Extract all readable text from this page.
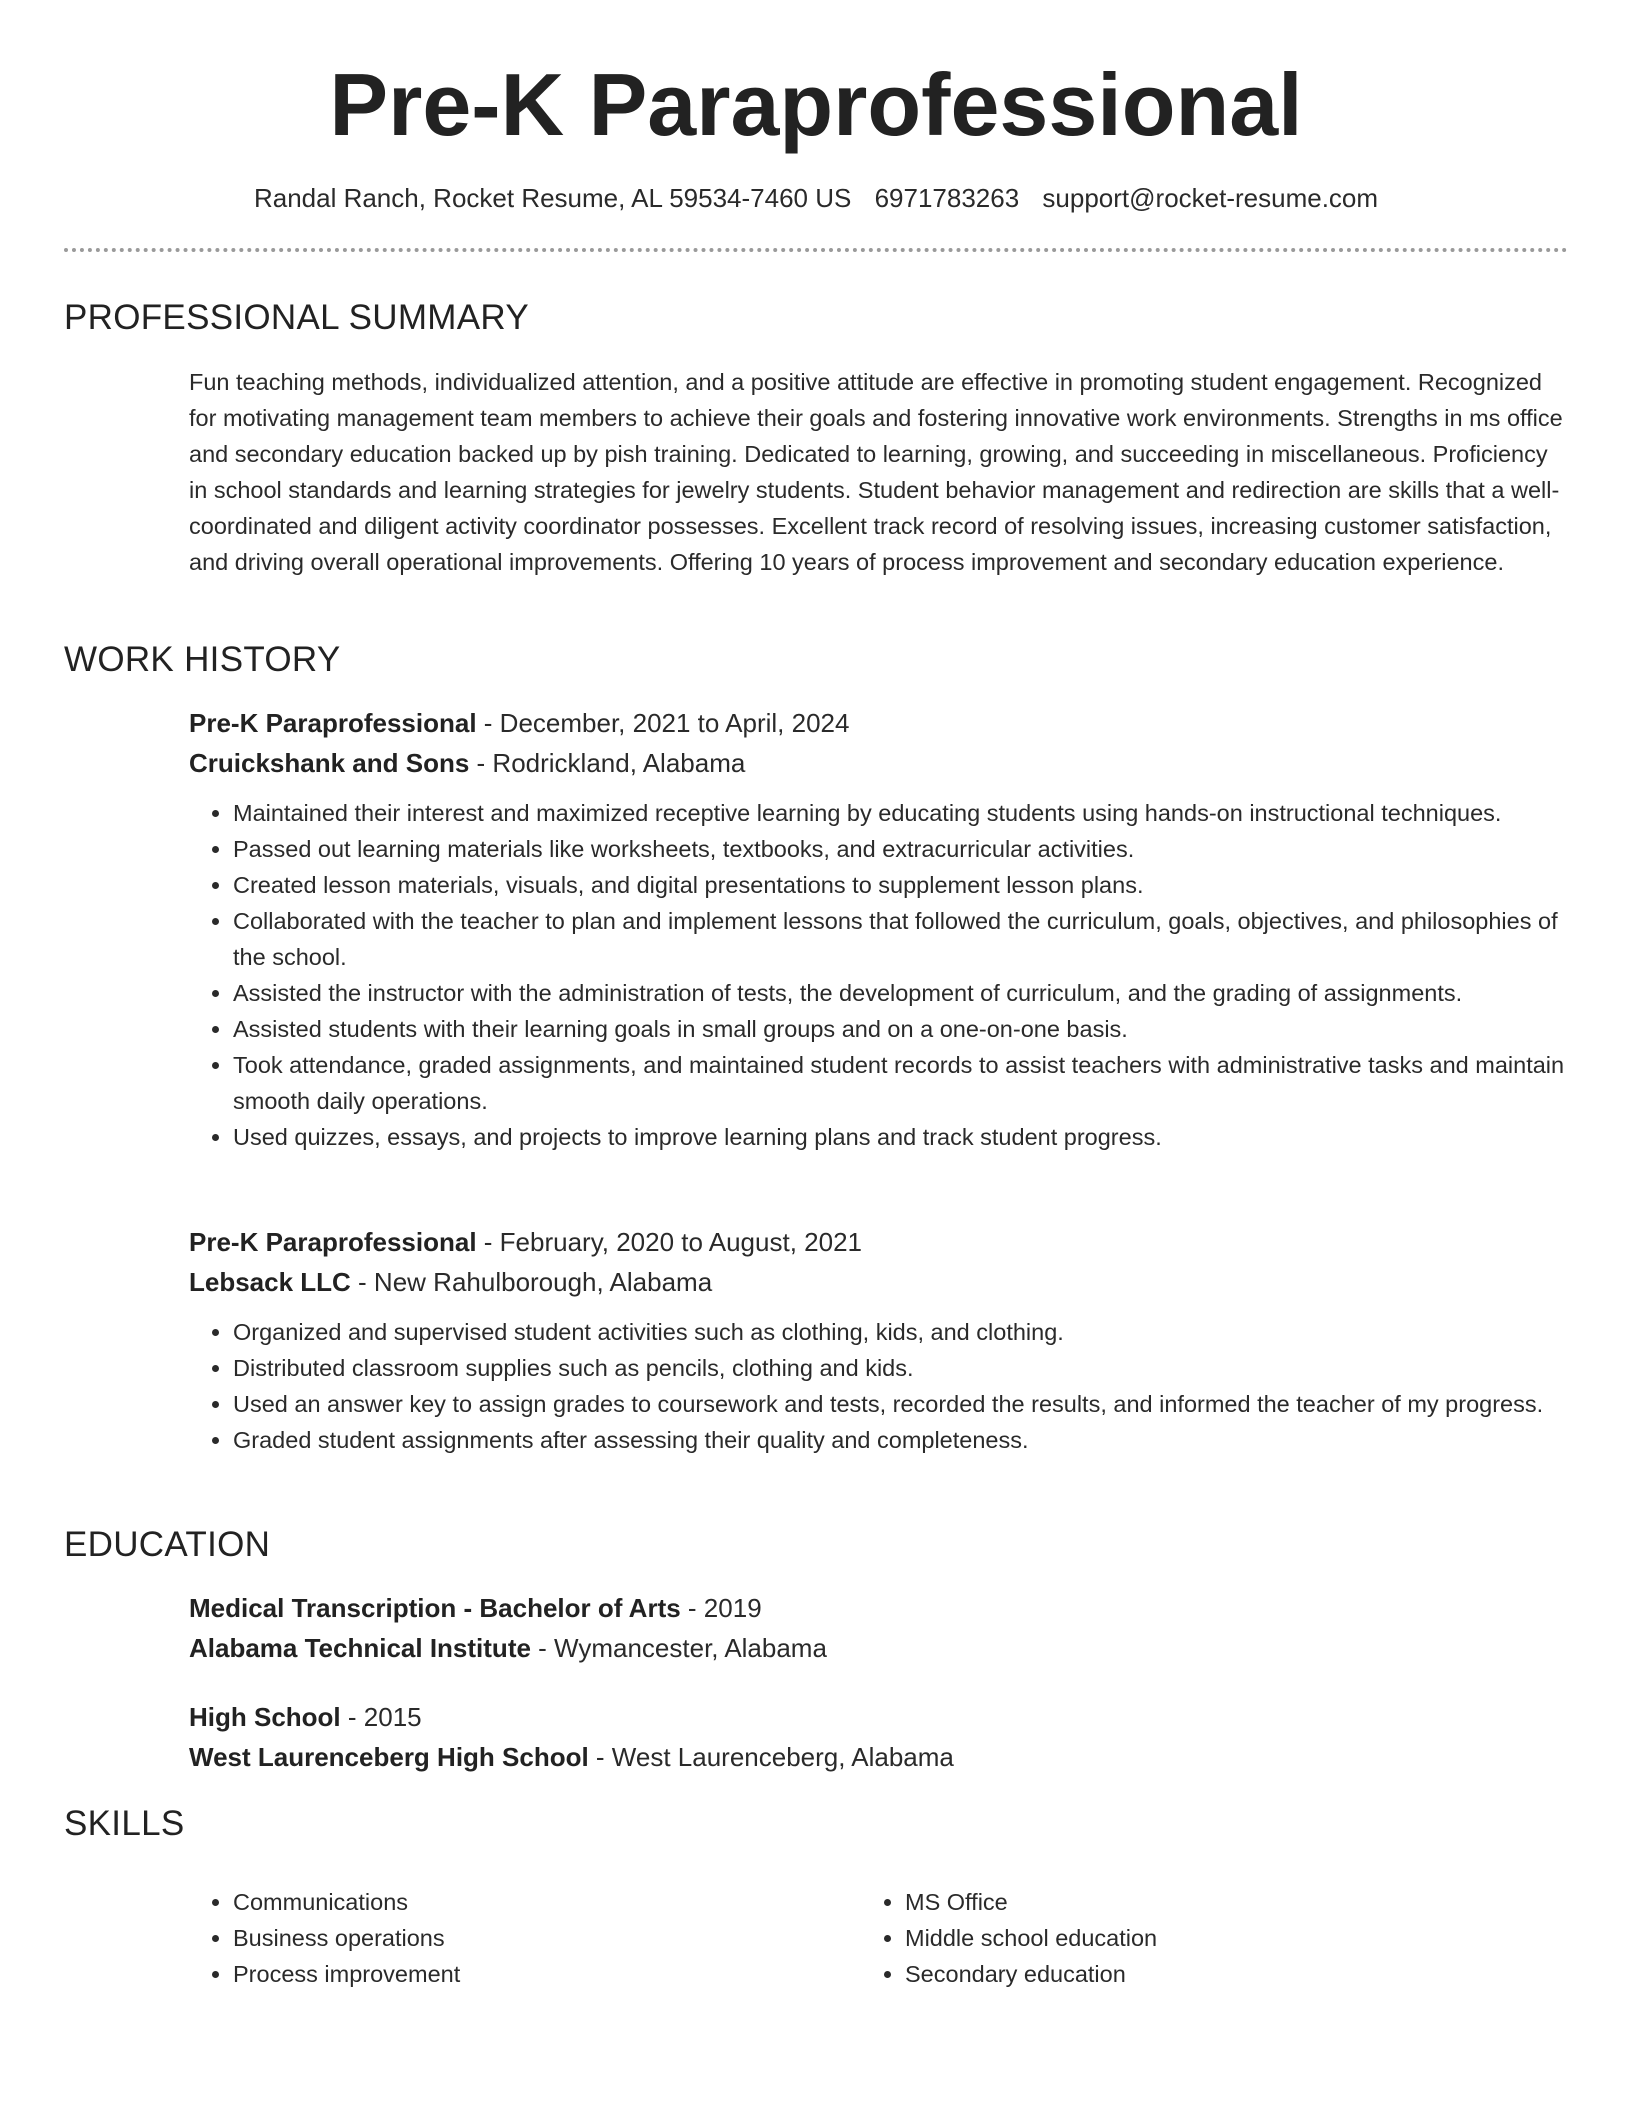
Pre-K Paraprofessional
Randal Ranch, Rocket Resume, AL 59534-7460 US 6971783263 support@rocket-resume.com
PROFESSIONAL SUMMARY

Fun teaching methods, individualized attention, and a positive attitude are effective in promoting student engagement. Recognized for motivating management team members to achieve their goals and fostering innovative work environments. Strengths in ms office and secondary education backed up by pish training. Dedicated to learning, growing, and succeeding in miscellaneous. Proficiency in school standards and learning strategies for jewelry students. Student behavior management and redirection are skills that a well-coordinated and diligent activity coordinator possesses. Excellent track record of resolving issues, increasing customer satisfaction, and driving overall operational improvements. Offering 10 years of process improvement and secondary education experience.

WORK HISTORY

Pre-K Paraprofessional - December, 2021 to April, 2024

Cruickshank and Sons - Rodrickland, Alabama

• Maintained their interest and maximized receptive learning by educating students using hands-on instructional techniques.
• Passed out learning materials like worksheets, textbooks, and extracurricular activities.
• Created lesson materials, visuals, and digital presentations to supplement lesson plans.
• Collaborated with the teacher to plan and implement lessons that followed the curriculum, goals, objectives, and philosophies of the school.
• Assisted the instructor with the administration of tests, the development of curriculum, and the grading of assignments.
• Assisted students with their learning goals in small groups and on a one-on-one basis.
• Took attendance, graded assignments, and maintained student records to assist teachers with administrative tasks and maintain smooth daily operations.
• Used quizzes, essays, and projects to improve learning plans and track student progress.

Pre-K Paraprofessional - February, 2020 to August, 2021

Lebsack LLC - New Rahulborough, Alabama

• Organized and supervised student activities such as clothing, kids, and clothing.
• Distributed classroom supplies such as pencils, clothing and kids.
• Used an answer key to assign grades to coursework and tests, recorded the results, and informed the teacher of my progress.
• Graded student assignments after assessing their quality and completeness.
EDUCATION

Medical Transcription - Bachelor of Arts - 2019

Alabama Technical Institute - Wymancester, Alabama

High School - 2015

West Laurenceberg High School - West Laurenceberg, Alabama

SKILLS
• Communications
• Business operations
• Process improvement
• MS Office
• Middle school education
• Secondary education
